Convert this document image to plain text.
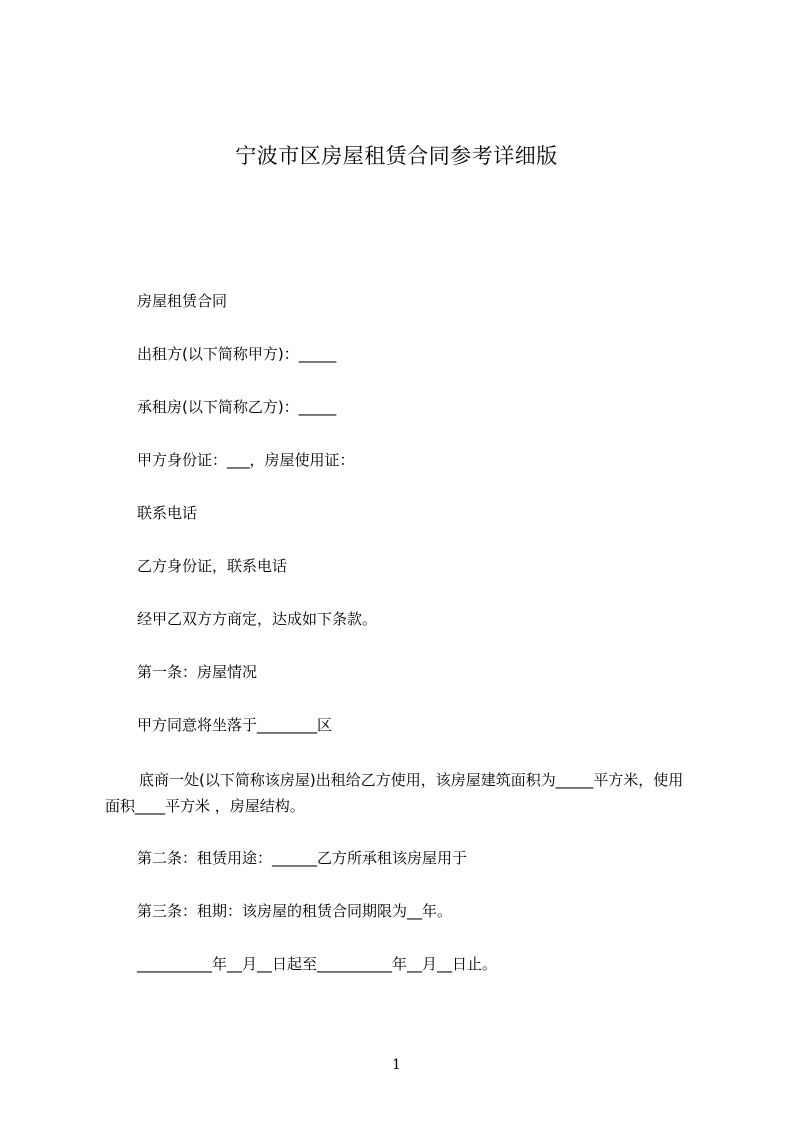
宁波市区房屋租赁合同参考详细版
房屋租赁合同
出租方(以下简称甲方)：_____
承租房(以下简称乙方)：_____
甲方身份证：___，房屋使用证：
联系电话
乙方身份证，联系电话
经甲乙双方方商定，达成如下条款。
第一条：房屋情况
甲方同意将坐落于________区
底商一处(以下简称该房屋)出租给乙方使用，该房屋建筑面积为_____平方米，使用面积____平方米 ，房屋结构。
第二条：租赁用途：______乙方所承租该房屋用于
第三条：租期：该房屋的租赁合同期限为__年。
__________年__月__日起至__________年__月__日止。
1
